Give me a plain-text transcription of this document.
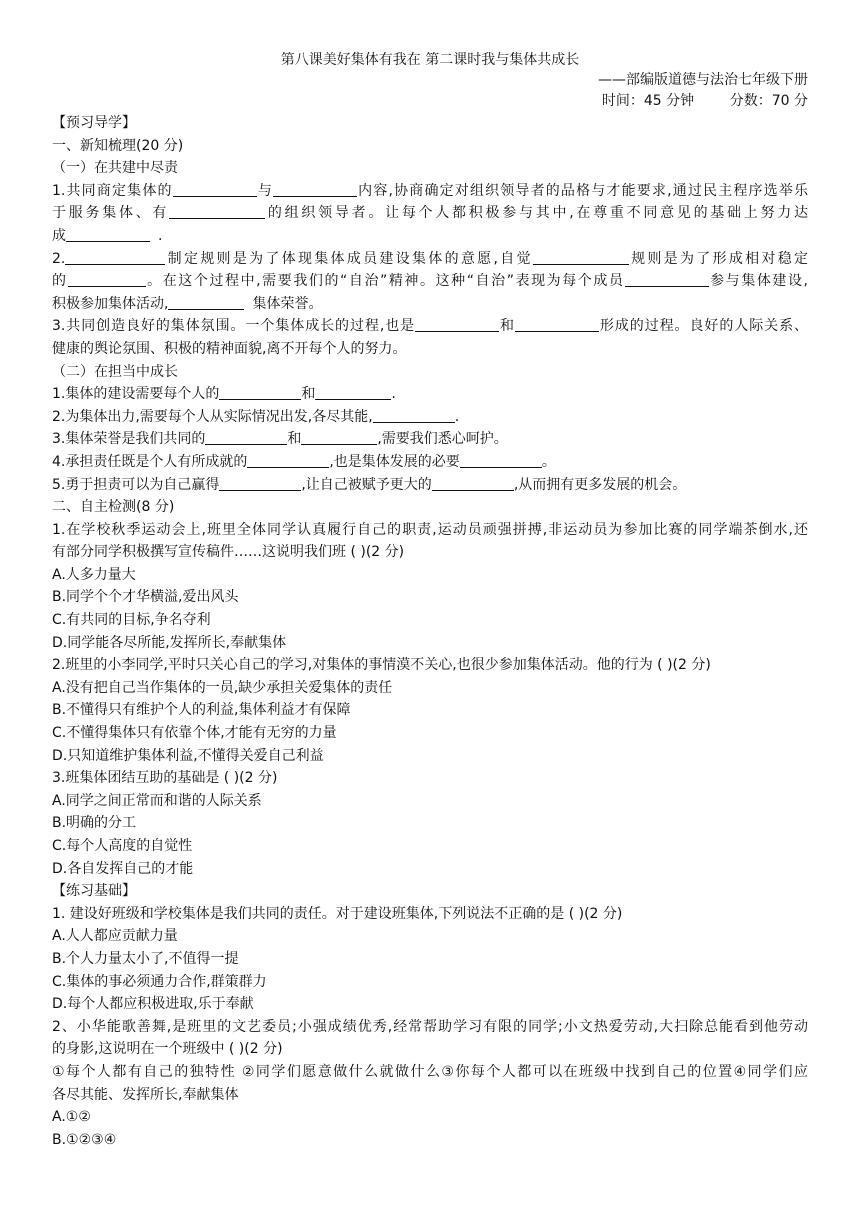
第八课美好集体有我在 第二课时我与集体共成长
——部编版道德与法治七年级下册
时间：45 分钟        分数：70 分
【预习导学】
一、新知梳理(20 分)
（一）在共建中尽责
1.共同商定集体的	与	内容,协商确定对组织领导者的品格与才能要求,通过民主程序选举乐
于服务集体、有	的组织领导者。让每个人都积极参与其中,在尊重不同意见的基础上努力达
成	.
2.	制定规则是为了体现集体成员建设集体的意愿,自觉	规则是为了形成相对稳定
的	。在这个过程中,需要我们的“自治”精神。这种“自治”表现为每个成员	参与集体建设,
积极参加集体活动,	集体荣誉。
3.共同创造良好的集体氛围。一个集体成长的过程,也是	和	形成的过程。良好的人际关系、
健康的舆论氛围、积极的精神面貌,离不开每个人的努力。
（二）在担当中成长
1.集体的建设需要每个人的	和	.
2.为集体出力,需要每个人从实际情况出发,各尽其能,	.
3.集体荣誉是我们共同的	和	,需要我们悉心呵护。
4.承担责任既是个人有所成就的	,也是集体发展的必要	。
5.勇于担责可以为自己赢得	,让自己被赋予更大的	,从而拥有更多发展的机会。
二、自主检测(8 分)
1.在学校秋季运动会上,班里全体同学认真履行自己的职责,运动员顽强拼搏,非运动员为参加比赛的同学端茶倒水,还
有部分同学积极撰写宣传稿件……这说明我们班 ( )(2 分)
A.人多力量大
B.同学个个才华横溢,爱出风头
C.有共同的目标,争名夺利
D.同学能各尽所能,发挥所长,奉献集体
2.班里的小李同学,平时只关心自己的学习,对集体的事情漠不关心,也很少参加集体活动。他的行为 ( )(2 分)
A.没有把自己当作集体的一员,缺少承担关爱集体的责任
B.不懂得只有维护个人的利益,集体利益才有保障
C.不懂得集体只有依靠个体,才能有无穷的力量
D.只知道维护集体利益,不懂得关爱自己利益
3.班集体团结互助的基础是 ( )(2 分)
A.同学之间正常而和谐的人际关系
B.明确的分工
C.每个人高度的自觉性
D.各自发挥自己的才能
【练习基础】
1. 建设好班级和学校集体是我们共同的责任。对于建设班集体,下列说法不正确的是 ( )(2 分)
A.人人都应贡献力量
B.个人力量太小了,不值得一提
C.集体的事必须通力合作,群策群力
D.每个人都应积极进取,乐于奉献
2、小华能歌善舞,是班里的文艺委员;小强成绩优秀,经常帮助学习有限的同学;小文热爱劳动,大扫除总能看到他劳动
的身影,这说明在一个班级中 ( )(2 分)
①每个人都有自己的独特性 ②同学们愿意做什么就做什么③你每个人都可以在班级中找到自己的位置④同学们应
各尽其能、发挥所长,奉献集体
A.①②
B.①②③④
